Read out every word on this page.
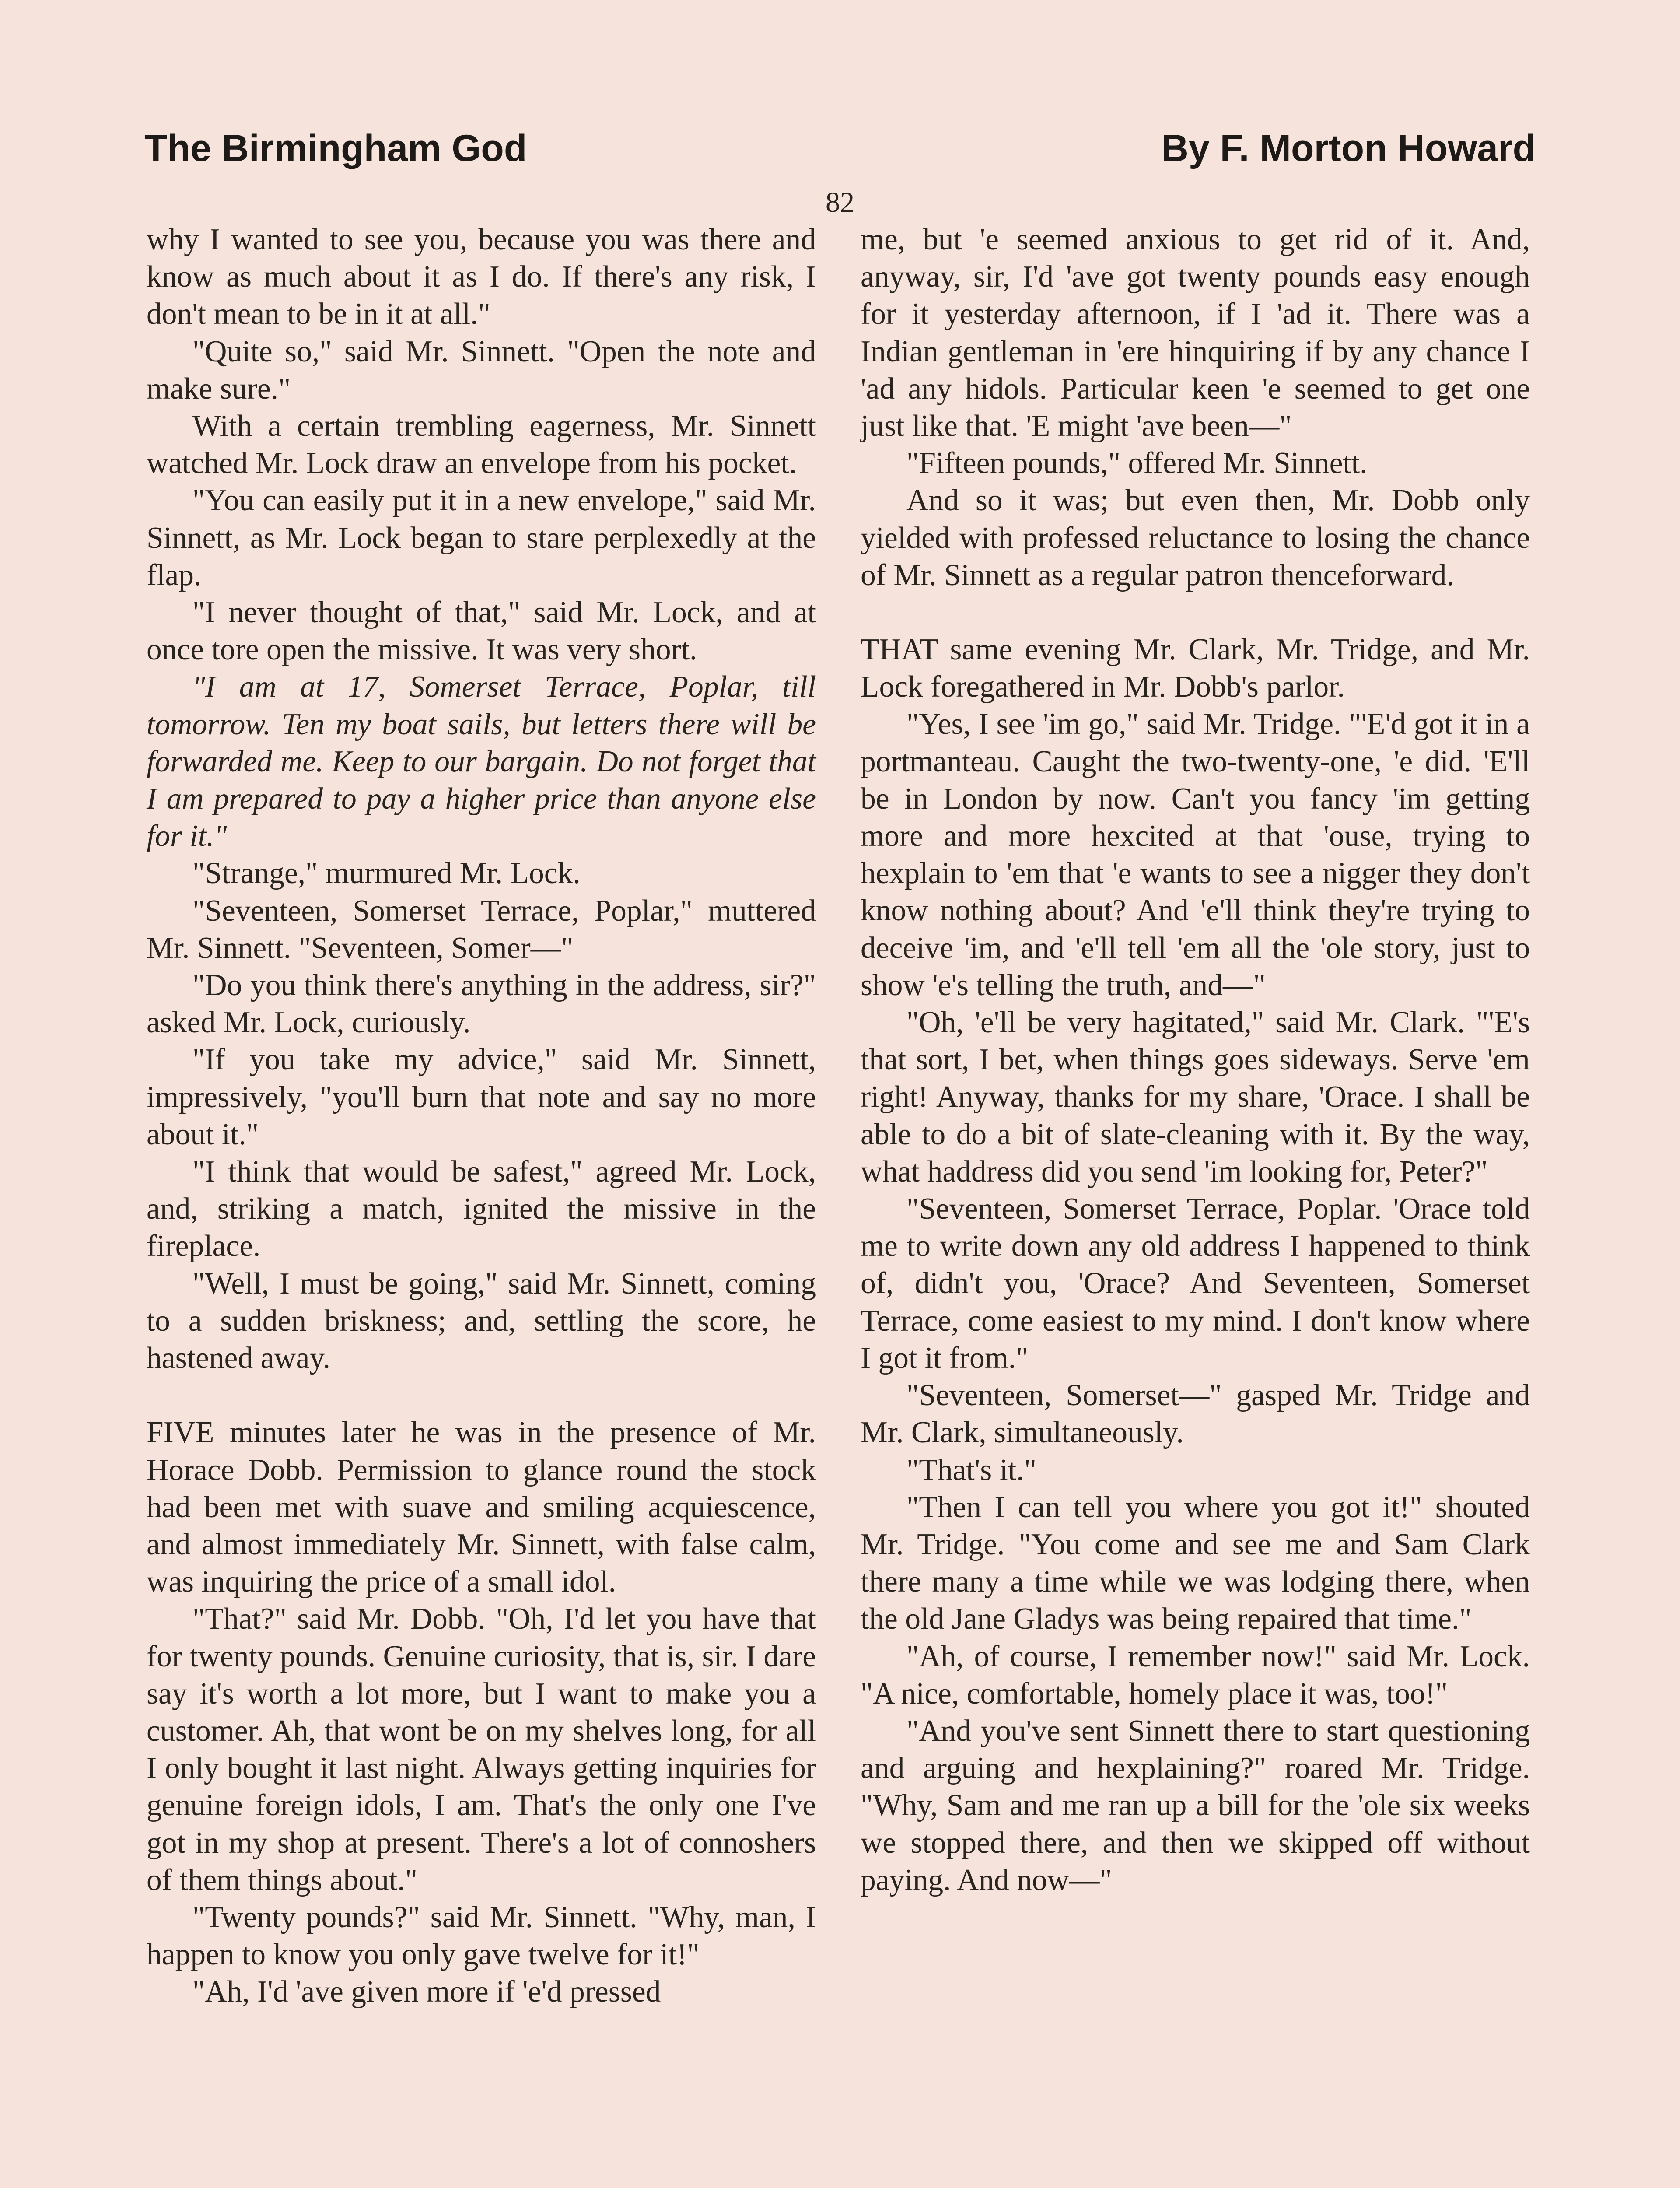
The Birmingham God	By F. Morton Howard
82

why I wanted to see you, because you was there and know as much about it as I do. If there's any risk, I don't mean to be in it at all."

"Quite so," said Mr. Sinnett. "Open the note and make sure."

With a certain trembling eagerness, Mr. Sinnett watched Mr. Lock draw an envelope from his pocket.

"You can easily put it in a new envelope," said Mr. Sinnett, as Mr. Lock began to stare perplexedly at the flap.

"I never thought of that," said Mr. Lock, and at once tore open the missive. It was very short.

"I am at 17, Somerset Terrace, Poplar, till tomorrow. Ten my boat sails, but letters there will be forwarded me. Keep to our bargain. Do not forget that I am prepared to pay a higher price than anyone else for it."

"Strange," murmured Mr. Lock.

"Seventeen, Somerset Terrace, Poplar," muttered Mr. Sinnett. "Seventeen, Somer—"

"Do you think there's anything in the address, sir?" asked Mr. Lock, curiously.

"If you take my advice," said Mr. Sinnett, impressively, "you'll burn that note and say no more about it."

"I think that would be safest," agreed Mr. Lock, and, striking a match, ignited the missive in the fireplace.

"Well, I must be going," said Mr. Sinnett, coming to a sudden briskness; and, settling the score, he hastened away.

FIVE minutes later he was in the presence of Mr. Horace Dobb. Permission to glance round the stock had been met with suave and smiling acquiescence, and almost immediately Mr. Sinnett, with false calm, was inquiring the price of a small idol.

"That?" said Mr. Dobb. "Oh, I'd let you have that for twenty pounds. Genuine curiosity, that is, sir. I dare say it's worth a lot more, but I want to make you a customer. Ah, that wont be on my shelves long, for all I only bought it last night. Always getting inquiries for genuine foreign idols, I am. That's the only one I've got in my shop at present. There's a lot of connoshers of them things about."

"Twenty pounds?" said Mr. Sinnett. "Why, man, I happen to know you only gave twelve for it!"

"Ah, I'd 'ave given more if 'e'd pressed

me, but 'e seemed anxious to get rid of it. And, anyway, sir, I'd 'ave got twenty pounds easy enough for it yesterday afternoon, if I 'ad it. There was a Indian gentleman in 'ere hinquiring if by any chance I 'ad any hidols. Particular keen 'e seemed to get one just like that. 'E might 'ave been—"

"Fifteen pounds," offered Mr. Sinnett.

And so it was; but even then, Mr. Dobb only yielded with professed reluctance to losing the chance of Mr. Sinnett as a regular patron thenceforward.

THAT same evening Mr. Clark, Mr. Tridge, and Mr. Lock foregathered in Mr. Dobb's parlor.

"Yes, I see 'im go," said Mr. Tridge. "'E'd got it in a portmanteau. Caught the two-twenty-one, 'e did. 'E'll be in London by now. Can't you fancy 'im getting more and more hexcited at that 'ouse, trying to hexplain to 'em that 'e wants to see a nigger they don't know nothing about? And 'e'll think they're trying to deceive 'im, and 'e'll tell 'em all the 'ole story, just to show 'e's telling the truth, and—"

"Oh, 'e'll be very hagitated," said Mr. Clark. "'E's that sort, I bet, when things goes sideways. Serve 'em right! Anyway, thanks for my share, 'Orace. I shall be able to do a bit of slate-cleaning with it. By the way, what haddress did you send 'im looking for, Peter?"

"Seventeen, Somerset Terrace, Poplar. 'Orace told me to write down any old address I happened to think of, didn't you, 'Orace? And Seventeen, Somerset Terrace, come easiest to my mind. I don't know where I got it from."

"Seventeen, Somerset—" gasped Mr. Tridge and Mr. Clark, simultaneously.

"That's it."

"Then I can tell you where you got it!" shouted Mr. Tridge. "You come and see me and Sam Clark there many a time while we was lodging there, when the old Jane Gladys was being repaired that time."

"Ah, of course, I remember now!" said Mr. Lock. "A nice, comfortable, homely place it was, too!"

"And you've sent Sinnett there to start questioning and arguing and hexplaining?" roared Mr. Tridge. "Why, Sam and me ran up a bill for the 'ole six weeks we stopped there, and then we skipped off without paying. And now—"
